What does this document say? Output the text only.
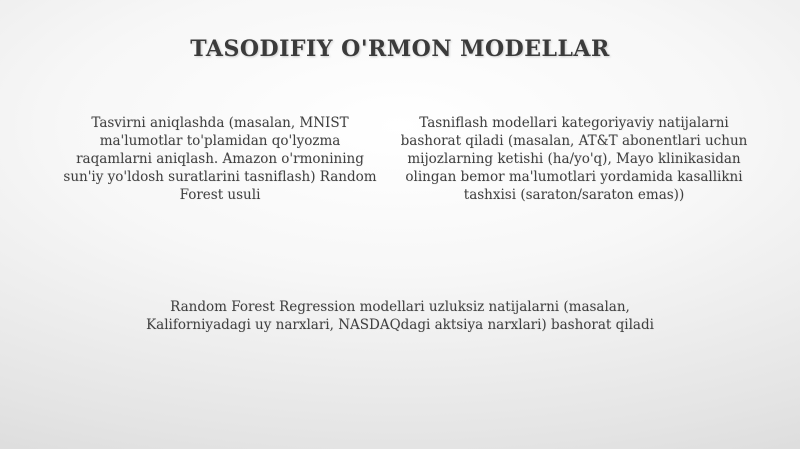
TASODIFIY O'RMON MODELLAR
Tasvirni aniqlashda (masalan, MNIST ma'lumotlar to'plamidan qo'lyozma raqamlarni aniqlash. Amazon o'rmonining sun'iy yo'ldosh suratlarini tasniflash) Random Forest usuli
Tasniflash modellari kategoriyaviy natijalarni bashorat qiladi (masalan, AT&T abonentlari uchun mijozlarning ketishi (ha/yo'q), Mayo klinikasidan olingan bemor ma'lumotlari yordamida kasallikni tashxisi (saraton/saraton emas))
Random Forest Regression modellari uzluksiz natijalarni (masalan, Kaliforniyadagi uy narxlari, NASDAQdagi aktsiya narxlari) bashorat qiladi
